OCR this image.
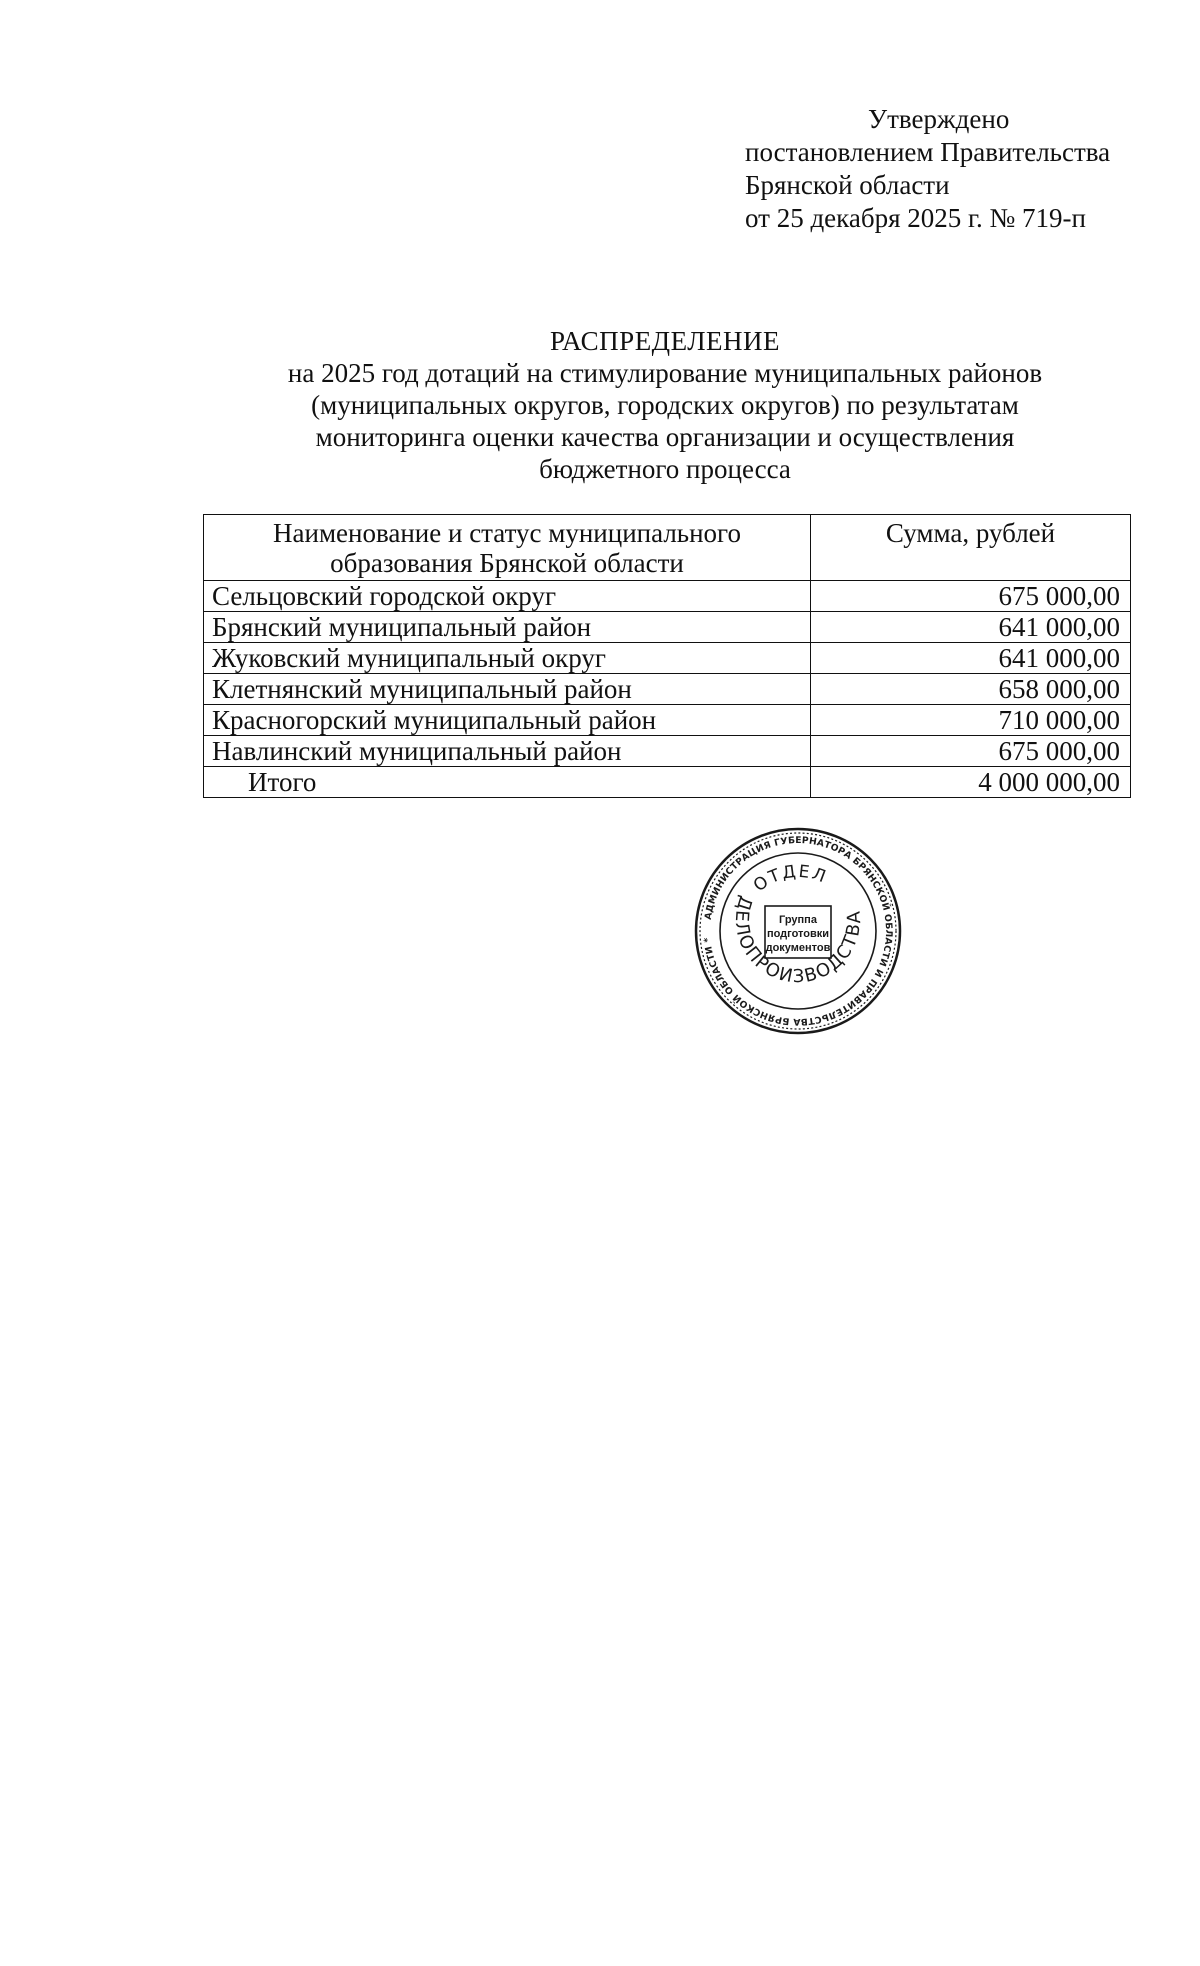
Утверждено
постановлением Правительства
Брянской области
от 25 декабря 2025 г. № 719-п
РАСПРЕДЕЛЕНИЕ
на 2025 год дотаций на стимулирование муниципальных районов
(муниципальных округов, городских округов) по результатам
мониторинга оценки качества организации и осуществления
бюджетного процесса
Наименование и статус муниципального
образования Брянской области	Сумма, рублей
Сельцовский городской округ	675 000,00
Брянский муниципальный район	641 000,00
Жуковский муниципальный округ	641 000,00
Клетнянский муниципальный район	658 000,00
Красногорский муниципальный район	710 000,00
Навлинский муниципальный район	675 000,00
Итого	4 000 000,00
АДМИНИСТРАЦИЯ ГУБЕРНАТОРА БРЯНСКОЙ ОБЛАСТИ И ПРАВИТЕЛЬСТВА БРЯНСКОЙ ОБЛАСТИ *
ОТДЕЛ
ДЕЛОПРОИЗВОДСТВА
Группа
подготовки
документов
